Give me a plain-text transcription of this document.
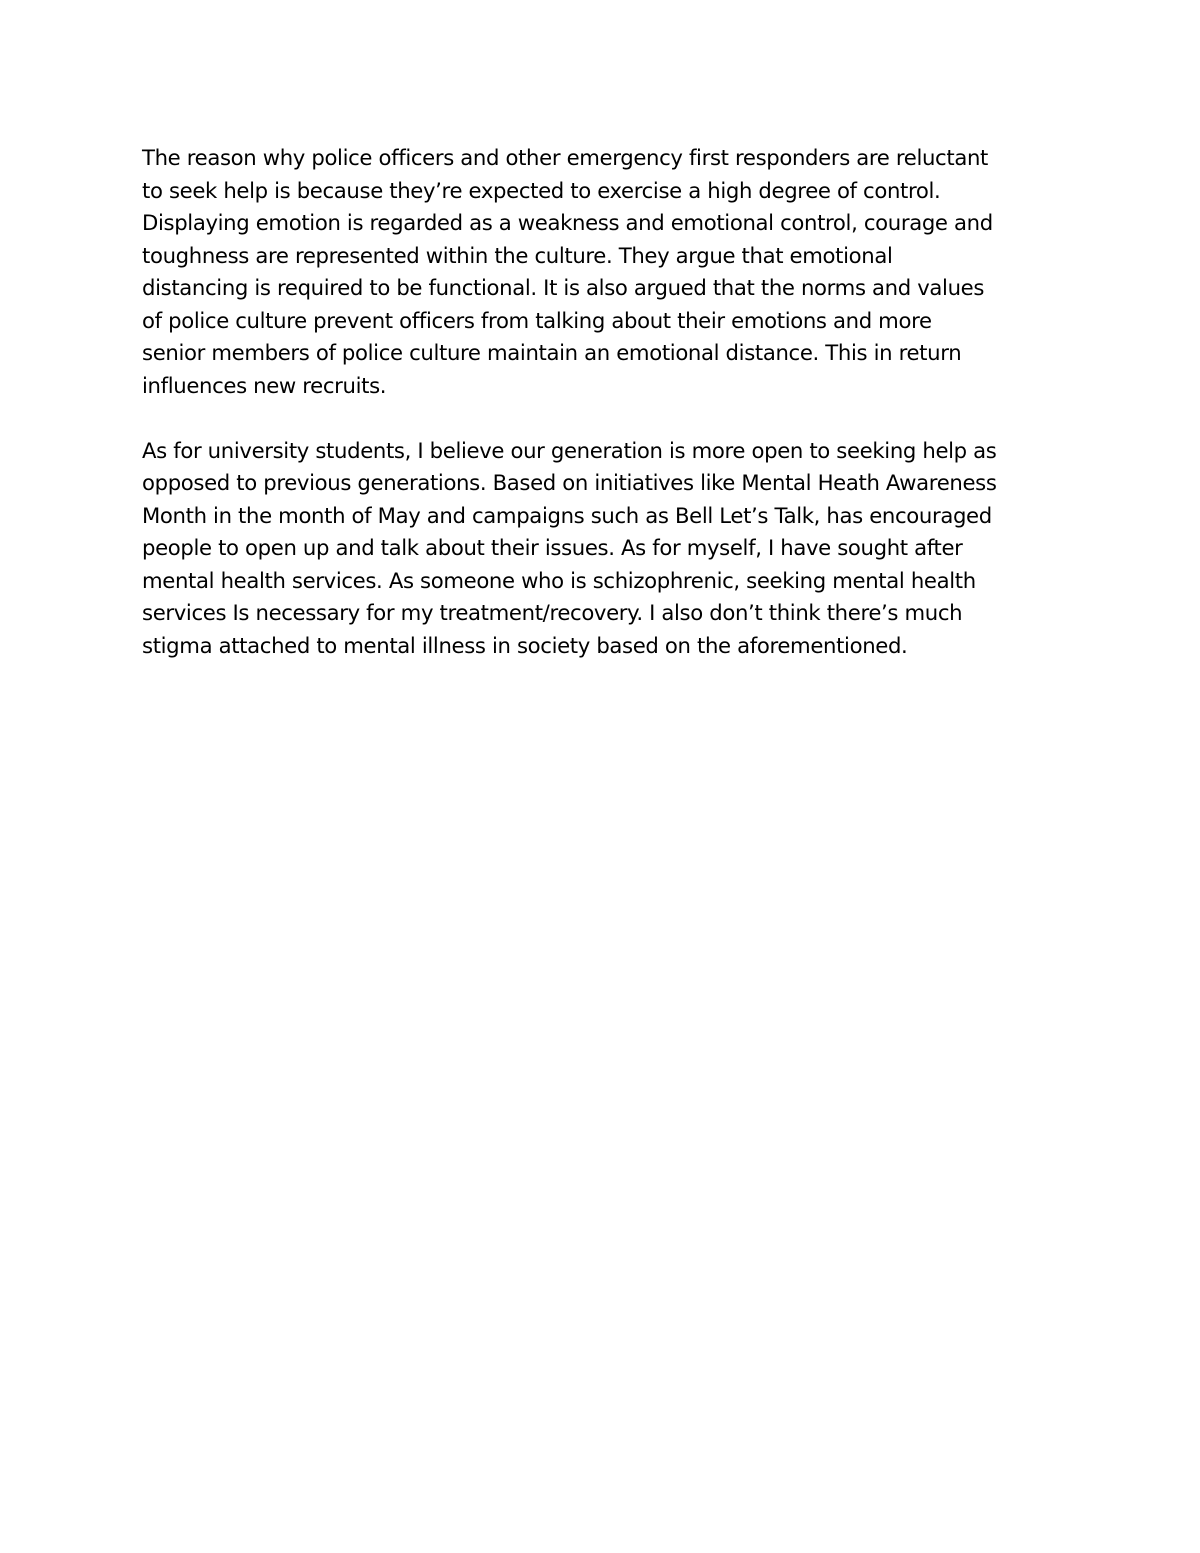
The reason why police officers and other emergency first responders are reluctant
to seek help is because they’re expected to exercise a high degree of control.
Displaying emotion is regarded as a weakness and emotional control, courage and
toughness are represented within the culture. They argue that emotional
distancing is required to be functional. It is also argued that the norms and values
of police culture prevent officers from talking about their emotions and more
senior members of police culture maintain an emotional distance. This in return
influences new recruits.

As for university students, I believe our generation is more open to seeking help as
opposed to previous generations. Based on initiatives like Mental Heath Awareness
Month in the month of May and campaigns such as Bell Let’s Talk, has encouraged
people to open up and talk about their issues. As for myself, I have sought after
mental health services. As someone who is schizophrenic, seeking mental health
services Is necessary for my treatment/recovery. I also don’t think there’s much
stigma attached to mental illness in society based on the aforementioned.
